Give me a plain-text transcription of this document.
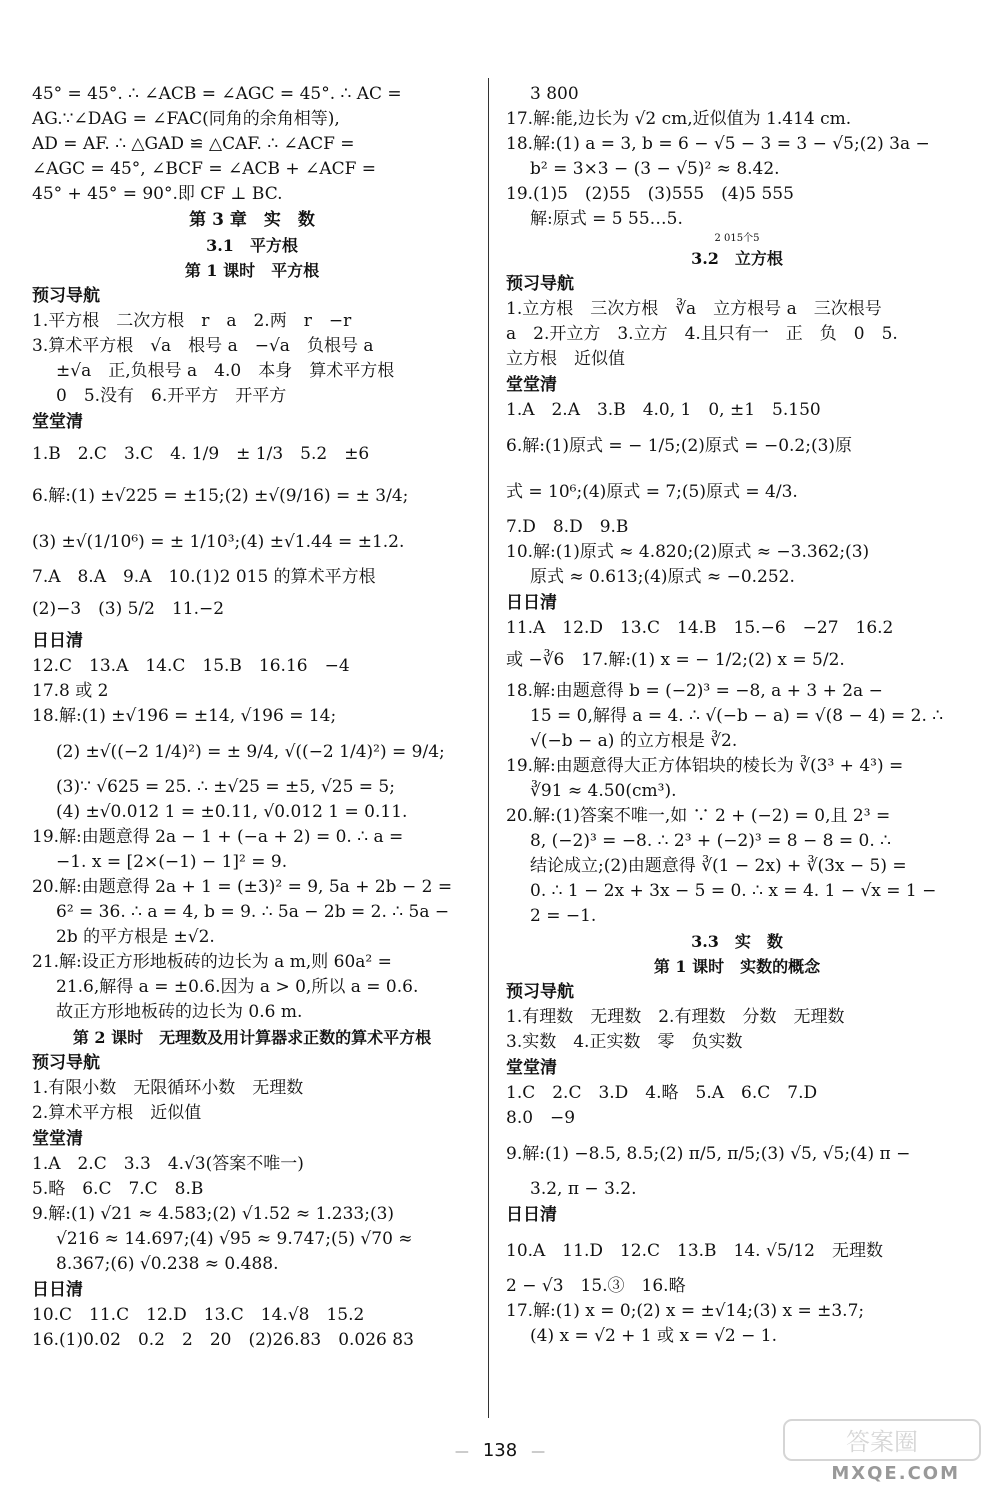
45° = 45°. ∴ ∠ACB = ∠AGC = 45°. ∴ AC =

AG.∵∠DAG = ∠FAC(同角的余角相等),

AD = AF. ∴ △GAD ≌ △CAF. ∴ ∠ACF =

∠AGC = 45°, ∠BCF = ∠ACB + ∠ACF =

45° + 45° = 90°.即 CF ⊥ BC.

第 3 章　实　数

3.1　平方根

第 1 课时　平方根

预习导航

1.平方根　二次方根　r　a　2.两　r　−r

3.算术平方根　√a　根号 a　−√a　负根号 a

±√a　正,负根号 a　4.0　本身　算术平方根

0　5.没有　6.开平方　开平方

堂堂清

1.B　2.C　3.C　4. 1/9　± 1/3　5.2　±6

6.解:(1) ±√225 = ±15;(2) ±√(9/16) = ± 3/4;

(3) ±√(1/10⁶) = ± 1/10³;(4) ±√1.44 = ±1.2.

7.A　8.A　9.A　10.(1)2 015 的算术平方根

(2)−3　(3) 5/2　11.−2

日日清

12.C　13.A　14.C　15.B　16.16　−4

17.8 或 2

18.解:(1) ±√196 = ±14, √196 = 14;

(2) ±√((−2 1/4)²) = ± 9/4, √((−2 1/4)²) = 9/4;

(3)∵ √625 = 25. ∴ ±√25 = ±5, √25 = 5;

(4) ±√0.012 1 = ±0.11, √0.012 1 = 0.11.

19.解:由题意得 2a − 1 + (−a + 2) = 0. ∴ a =

−1. x = [2×(−1) − 1]² = 9.

20.解:由题意得 2a + 1 = (±3)² = 9, 5a + 2b − 2 =

6² = 36. ∴ a = 4, b = 9. ∴ 5a − 2b = 2. ∴ 5a −

2b 的平方根是 ±√2.

21.解:设正方形地板砖的边长为 a m,则 60a² =

21.6,解得 a = ±0.6.因为 a > 0,所以 a = 0.6.

故正方形地板砖的边长为 0.6 m.

第 2 课时　无理数及用计算器求正数的算术平方根

预习导航

1.有限小数　无限循环小数　无理数

2.算术平方根　近似值

堂堂清

1.A　2.C　3.3　4.√3(答案不唯一)

5.略　6.C　7.C　8.B

9.解:(1) √21 ≈ 4.583;(2) √1.52 ≈ 1.233;(3)

√216 ≈ 14.697;(4) √95 ≈ 9.747;(5) √70 ≈

8.367;(6) √0.238 ≈ 0.488.

日日清

10.C　11.C　12.D　13.C　14.√8　15.2

16.(1)0.02　0.2　2　20　(2)26.83　0.026 83

3 800

17.解:能,边长为 √2 cm,近似值为 1.414 cm.

18.解:(1) a = 3, b = 6 − √5 − 3 = 3 − √5;(2) 3a −

b² = 3×3 − (3 − √5)² ≈ 8.42.

19.(1)5　(2)55　(3)555　(4)5 555

解:原式 = 5 55…5.

2 015个5

3.2　立方根

预习导航

1.立方根　三次方根　∛a　立方根号 a　三次根号

a　2.开立方　3.立方　4.且只有一　正　负　0　5.

立方根　近似值

堂堂清

1.A　2.A　3.B　4.0, 1　0, ±1　5.150

6.解:(1)原式 = − 1/5;(2)原式 = −0.2;(3)原

式 = 10⁶;(4)原式 = 7;(5)原式 = 4/3.

7.D　8.D　9.B

10.解:(1)原式 ≈ 4.820;(2)原式 ≈ −3.362;(3)

原式 ≈ 0.613;(4)原式 ≈ −0.252.

日日清

11.A　12.D　13.C　14.B　15.−6　−27　16.2

或 −∛6　17.解:(1) x = − 1/2;(2) x = 5/2.

18.解:由题意得 b = (−2)³ = −8, a + 3 + 2a −

15 = 0,解得 a = 4. ∴ √(−b − a) = √(8 − 4) = 2. ∴

√(−b − a) 的立方根是 ∛2.

19.解:由题意得大正方体铝块的棱长为 ∛(3³ + 4³) =

∛91 ≈ 4.50(cm³).

20.解:(1)答案不唯一,如 ∵ 2 + (−2) = 0,且 2³ =

8, (−2)³ = −8. ∴ 2³ + (−2)³ = 8 − 8 = 0. ∴

结论成立;(2)由题意得 ∛(1 − 2x) + ∛(3x − 5) =

0. ∴ 1 − 2x + 3x − 5 = 0. ∴ x = 4. 1 − √x = 1 −

2 = −1.

3.3　实　数

第 1 课时　实数的概念

预习导航

1.有理数　无理数　2.有理数　分数　无理数

3.实数　4.正实数　零　负实数

堂堂清

1.C　2.C　3.D　4.略　5.A　6.C　7.D

8.0　−9

9.解:(1) −8.5, 8.5;(2) π/5, π/5;(3) √5, √5;(4) π −

3.2, π − 3.2.

日日清

10.A　11.D　12.C　13.B　14. √5/12　无理数

2 − √3　15.③　16.略

17.解:(1) x = 0;(2) x = ±√14;(3) x = ±3.7;

(4) x = √2 + 1 或 x = √2 − 1.

— 138 —	答案圈
MXQE.COM
